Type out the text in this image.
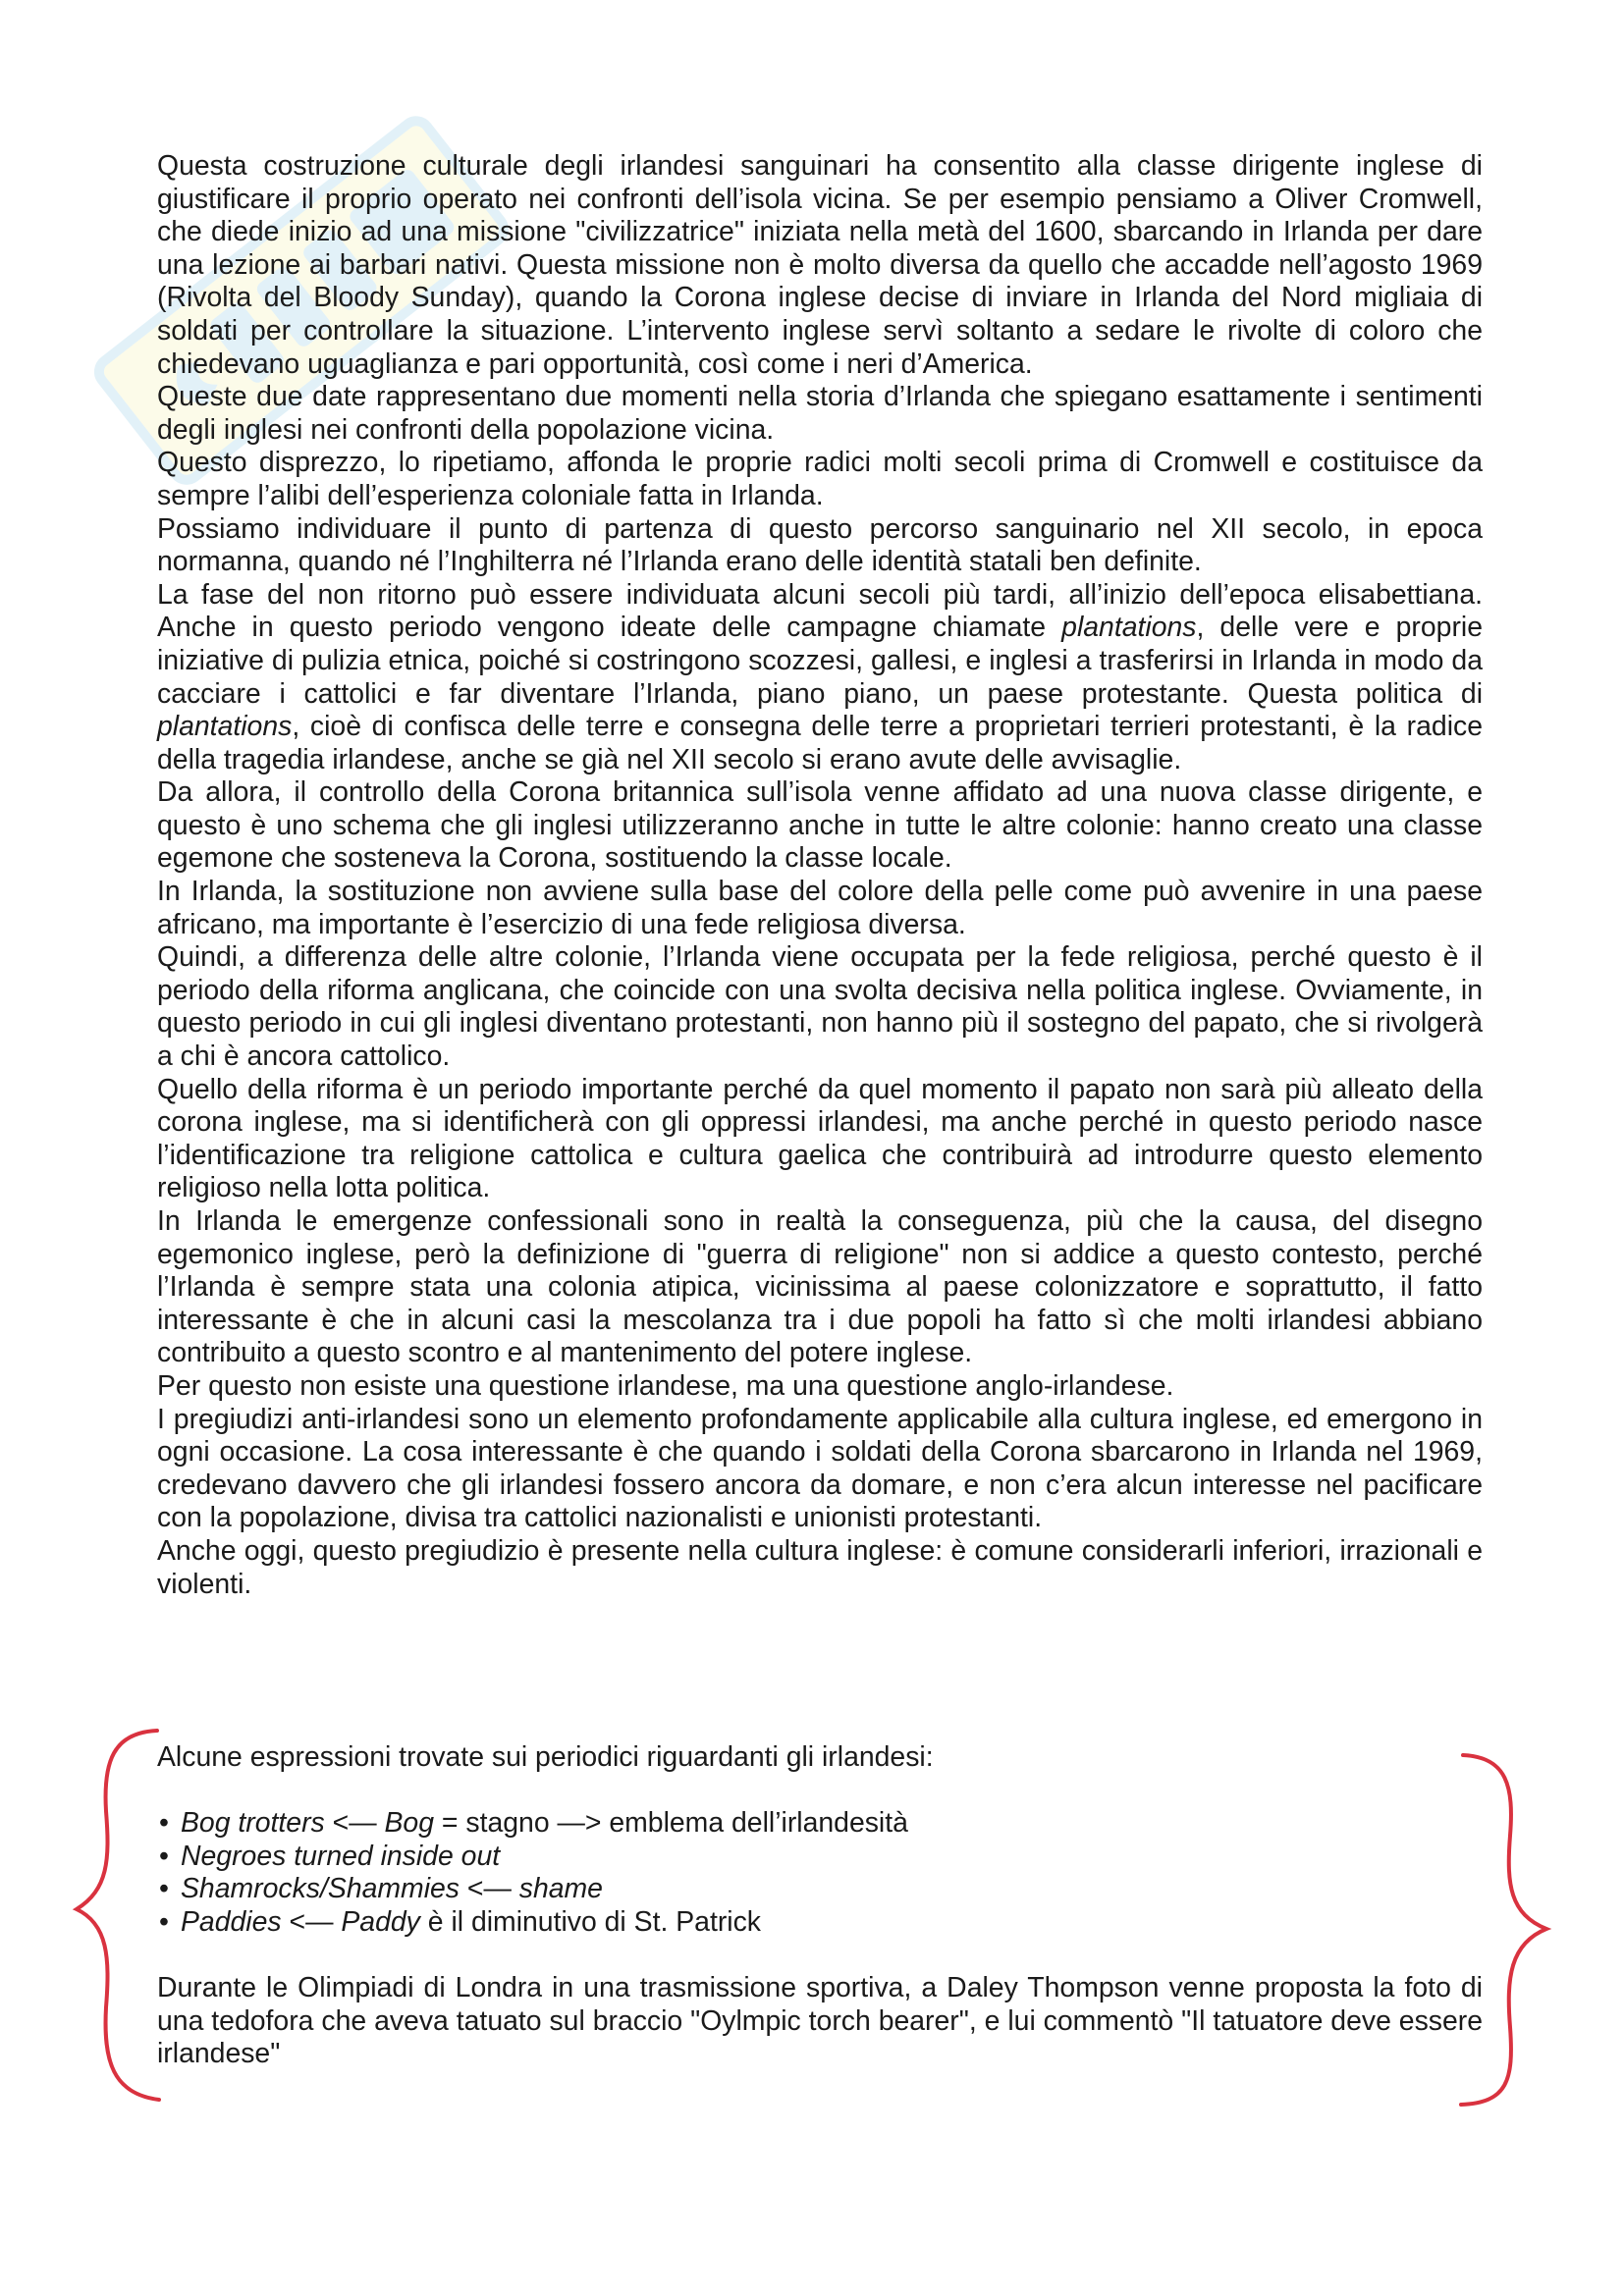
Questa costruzione culturale degli irlandesi sanguinari ha consentito alla classe dirigente inglese di giustificare il proprio operato nei confronti dell’isola vicina. Se per esempio pensiamo a Oliver Cromwell, che diede inizio ad una missione "civilizzatrice" iniziata nella metà del 1600, sbarcando in Irlanda per dare una lezione ai barbari nativi. Questa missione non è molto diversa da quello che accadde nell’agosto 1969 (Rivolta del Bloody Sunday), quando la Corona inglese decise di inviare in Irlanda del Nord migliaia di soldati per controllare la situazione. L’intervento inglese servì soltanto a sedare le rivolte di coloro che chiedevano uguaglianza e pari opportunità, così come i neri d’America.

Queste due date rappresentano due momenti nella storia d’Irlanda che spiegano esattamente i sentimenti degli inglesi nei confronti della popolazione vicina.

Questo disprezzo, lo ripetiamo, affonda le proprie radici molti secoli prima di Cromwell e costituisce da sempre l’alibi dell’esperienza coloniale fatta in Irlanda.

Possiamo individuare il punto di partenza di questo percorso sanguinario nel XII secolo, in epoca normanna, quando né l’Inghilterra né l’Irlanda erano delle identità statali ben definite.

La fase del non ritorno può essere individuata alcuni secoli più tardi, all’inizio dell’epoca elisabettiana. Anche in questo periodo vengono ideate delle campagne chiamate plantations, delle vere e proprie iniziative di pulizia etnica, poiché si costringono scozzesi, gallesi, e inglesi a trasferirsi in Irlanda in modo da cacciare i cattolici e far diventare l’Irlanda, piano piano, un paese protestante. Questa politica di plantations, cioè di confisca delle terre e consegna delle terre a proprietari terrieri protestanti, è la radice della tragedia irlandese, anche se già nel XII secolo si erano avute delle avvisaglie.

Da allora, il controllo della Corona britannica sull’isola venne affidato ad una nuova classe dirigente, e questo è uno schema che gli inglesi utilizzeranno anche in tutte le altre colonie: hanno creato una classe egemone che sosteneva la Corona, sostituendo la classe locale.

In Irlanda, la sostituzione non avviene sulla base del colore della pelle come può avvenire in una paese africano, ma importante è l’esercizio di una fede religiosa diversa.

Quindi, a differenza delle altre colonie, l’Irlanda viene occupata per la fede religiosa, perché questo è il periodo della riforma anglicana, che coincide con una svolta decisiva nella politica inglese. Ovviamente, in questo periodo in cui gli inglesi diventano protestanti, non hanno più il sostegno del papato, che si rivolgerà a chi è ancora cattolico.

Quello della riforma è un periodo importante perché da quel momento il papato non sarà più alleato della corona inglese, ma si identificherà con gli oppressi irlandesi, ma anche perché in questo periodo nasce l’identificazione tra religione cattolica e cultura gaelica che contribuirà ad introdurre questo elemento religioso nella lotta politica.

In Irlanda le emergenze confessionali sono in realtà la conseguenza, più che la causa, del disegno egemonico inglese, però la definizione di "guerra di religione" non si addice a questo contesto, perché l’Irlanda è sempre stata una colonia atipica, vicinissima al paese colonizzatore e soprattutto, il fatto interessante è che in alcuni casi la mescolanza tra i due popoli ha fatto sì che molti irlandesi abbiano contribuito a questo scontro e al mantenimento del potere inglese.

Per questo non esiste una questione irlandese, ma una questione anglo-irlandese.

I pregiudizi anti-irlandesi sono un elemento profondamente applicabile alla cultura inglese, ed emergono in ogni occasione. La cosa interessante è che quando i soldati della Corona sbarcarono in Irlanda nel 1969, credevano davvero che gli irlandesi fossero ancora da domare, e non c’era alcun interesse nel pacificare con la popolazione, divisa tra cattolici nazionalisti e unionisti protestanti.

Anche oggi, questo pregiudizio è presente nella cultura inglese: è comune considerarli inferiori, irrazionali e violenti.

Alcune espressioni trovate sui periodici riguardanti gli irlandesi:

• Bog trotters <— Bog = stagno —> emblema dell’irlandesità
• Negroes turned inside out
• Shamrocks/Shammies <— shame
• Paddies <— Paddy è il diminutivo di St. Patrick

Durante le Olimpiadi di Londra in una trasmissione sportiva, a Daley Thompson venne proposta la foto di una tedofora che aveva tatuato sul braccio "Oylmpic torch bearer", e lui commentò "Il tatuatore deve essere irlandese"
